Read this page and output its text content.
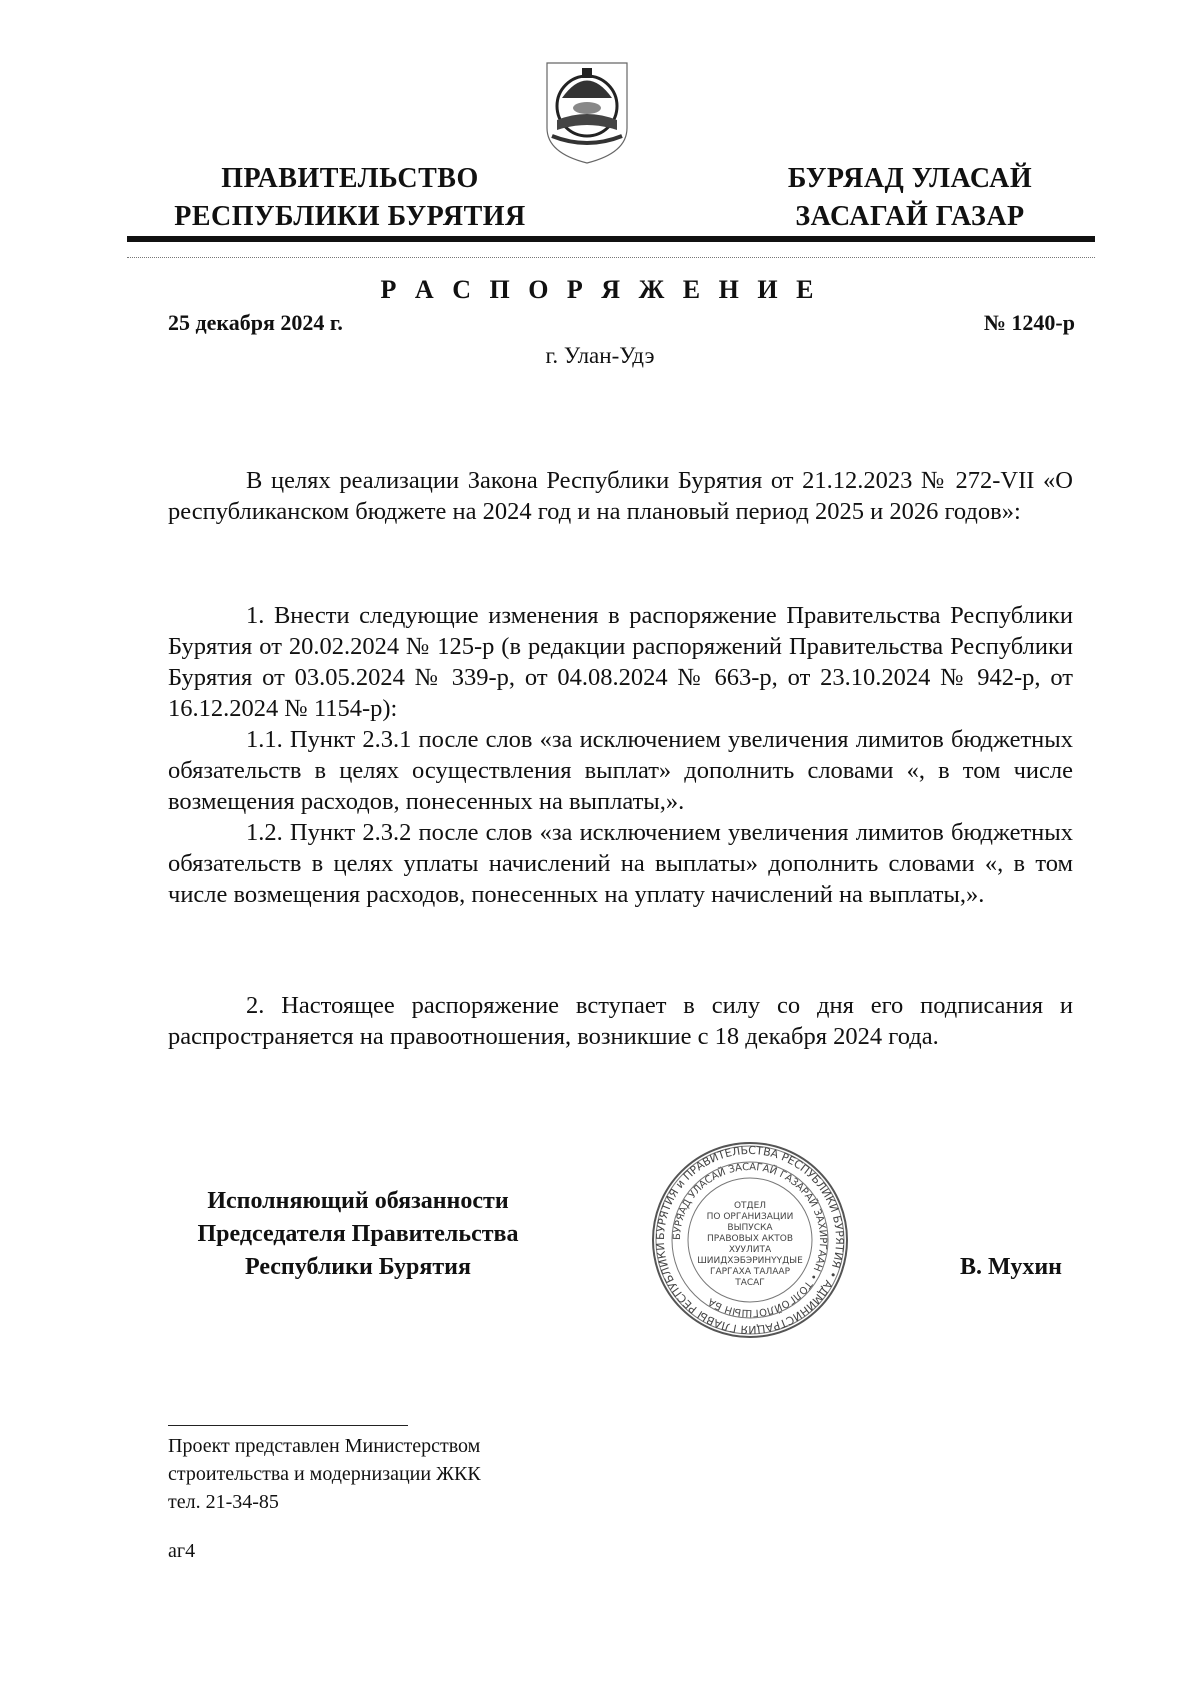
ПРАВИТЕЛЬСТВО
РЕСПУБЛИКИ БУРЯТИЯ
БУРЯАД УЛАСАЙ
ЗАСАГАЙ ГАЗАР
Р А С П О Р Я Ж Е Н И Е
25 декабря 2024 г.	№ 1240-р
г. Улан-Удэ

В целях реализации Закона Республики Бурятия от 21.12.2023 № 272-VII «О республиканском бюджете на 2024 год и на плановый период 2025 и 2026 годов»:

1. Внести следующие изменения в распоряжение Правительства Республики Бурятия от 20.02.2024 № 125-р (в редакции распоряжений Правительства Республики Бурятия от 03.05.2024 № 339-р, от 04.08.2024 № 663-р, от 23.10.2024 № 942-р, от 16.12.2024 № 1154-р):

1.1. Пункт 2.3.1 после слов «за исключением увеличения лимитов бюджетных обязательств в целях осуществления выплат» дополнить словами «, в том числе возмещения расходов, понесенных на выплаты,».

1.2. Пункт 2.3.2 после слов «за исключением увеличения лимитов бюджетных обязательств в целях уплаты начислений на выплаты» дополнить словами «, в том числе возмещения расходов, понесенных на уплату начислений на выплаты,».

2. Настоящее распоряжение вступает в силу со дня его подписания и распространяется на правоотношения, возникшие с 18 декабря 2024 года.

Исполняющий обязанности
Председателя Правительства
Республики Бурятия
БУРЯТИЯ и ПРАВИТЕЛЬСТВА РЕСПУБЛИКИ БУРЯТИЯ • АДМИНИСТРАЦИЯ ГЛАВЫ РЕСПУБЛИКИ
БУРЯАД УЛАСАЙ ЗАСАГАЙ ГАЗАРАЙ ЗАХИРГААН • ТОЛГОЙЛОГШЫН БА
ОТДЕЛ
ПО ОРГАНИЗАЦИИ
ВЫПУСКА
ПРАВОВЫХ АКТОВ
ХУУЛИТА
ШИИДХЭБЭРИНҮҮДЫЕ
ГАРГАХА ТАЛААР
ТАСАГ
В. Мухин
Проект представлен Министерством
строительства и модернизации ЖКК
тел. 21-34-85
аг4
